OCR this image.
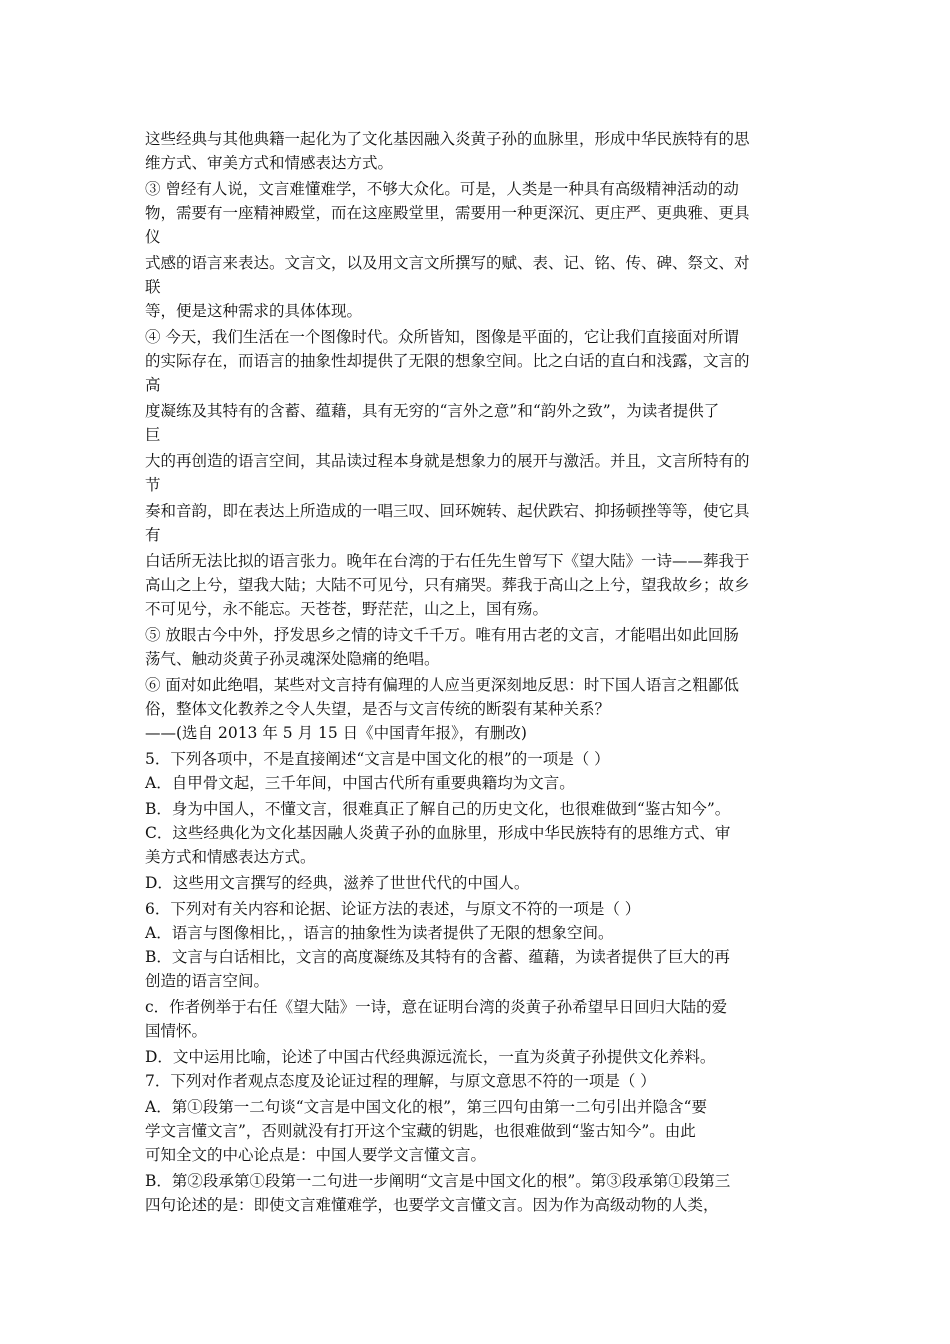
这些经典与其他典籍一起化为了文化基因融入炎黄子孙的血脉里，形成中华民族特有的思
维方式、审美方式和情感表达方式。
③ 曾经有人说，文言难懂难学，不够大众化。可是，人类是一种具有高级精神活动的动
物，需要有一座精神殿堂，而在这座殿堂里，需要用一种更深沉、更庄严、更典雅、更具
仪
式感的语言来表达。文言文，以及用文言文所撰写的赋、表、记、铭、传、碑、祭文、对
联
等，便是这种需求的具体体现。
④ 今天，我们生活在一个图像时代。众所皆知，图像是平面的，它让我们直接面对所谓
的实际存在，而语言的抽象性却提供了无限的想象空间。比之白话的直白和浅露，文言的
高
度凝练及其特有的含蓄、蕴藉，具有无穷的“言外之意”和“韵外之致”，为读者提供了
巨
大的再创造的语言空间，其品读过程本身就是想象力的展开与激活。并且，文言所特有的
节
奏和音韵，即在表达上所造成的一唱三叹、回环婉转、起伏跌宕、抑扬顿挫等等，使它具
有
白话所无法比拟的语言张力。晚年在台湾的于右任先生曾写下《望大陆》一诗——葬我于
高山之上兮，望我大陆；大陆不可见兮，只有痛哭。葬我于高山之上兮，望我故乡；故乡
不可见兮，永不能忘。天苍苍，野茫茫，山之上，国有殇。
⑤ 放眼古今中外，抒发思乡之情的诗文千千万。唯有用古老的文言，才能唱出如此回肠
荡气、触动炎黄子孙灵魂深处隐痛的绝唱。
⑥ 面对如此绝唱，某些对文言持有偏理的人应当更深刻地反思：时下国人语言之粗鄙低
俗，整体文化教养之令人失望，是否与文言传统的断裂有某种关系？
——(选自 2013 年 5 月 15 日《中国青年报》，有删改)
5．下列各项中，不是直接阐述“文言是中国文化的根”的一项是（ ）
A．自甲骨文起，三千年间，中国古代所有重要典籍均为文言。
B．身为中国人，不懂文言，很难真正了解自己的历史文化，也很难做到“鉴古知今”。
C．这些经典化为文化基因融人炎黄子孙的血脉里，形成中华民族特有的思维方式、审
美方式和情感表达方式。
D．这些用文言撰写的经典，滋养了世世代代的中国人。
6．下列对有关内容和论据、论证方法的表述，与原文不符的一项是（ ）
A．语言与图像相比，，语言的抽象性为读者提供了无限的想象空间。
B．文言与白话相比，文言的高度凝练及其特有的含蓄、蕴藉，为读者提供了巨大的再
创造的语言空间。
c．作者例举于右任《望大陆》一诗，意在证明台湾的炎黄子孙希望早日回归大陆的爱
国情怀。
D．文中运用比喻，论述了中国古代经典源远流长，一直为炎黄子孙提供文化养料。
7．下列对作者观点态度及论证过程的理解，与原文意思不符的一项是（ ）
A．第①段第一二句谈“文言是中国文化的根”，第三四句由第一二句引出并隐含“要
学文言懂文言”，否则就没有打开这个宝藏的钥匙，也很难做到“鉴古知今”。由此
可知全文的中心论点是：中国人要学文言懂文言。
B．第②段承第①段第一二句进一步阐明“文言是中国文化的根”。第③段承第①段第三
四句论述的是：即使文言难懂难学，也要学文言懂文言。因为作为高级动物的人类，
